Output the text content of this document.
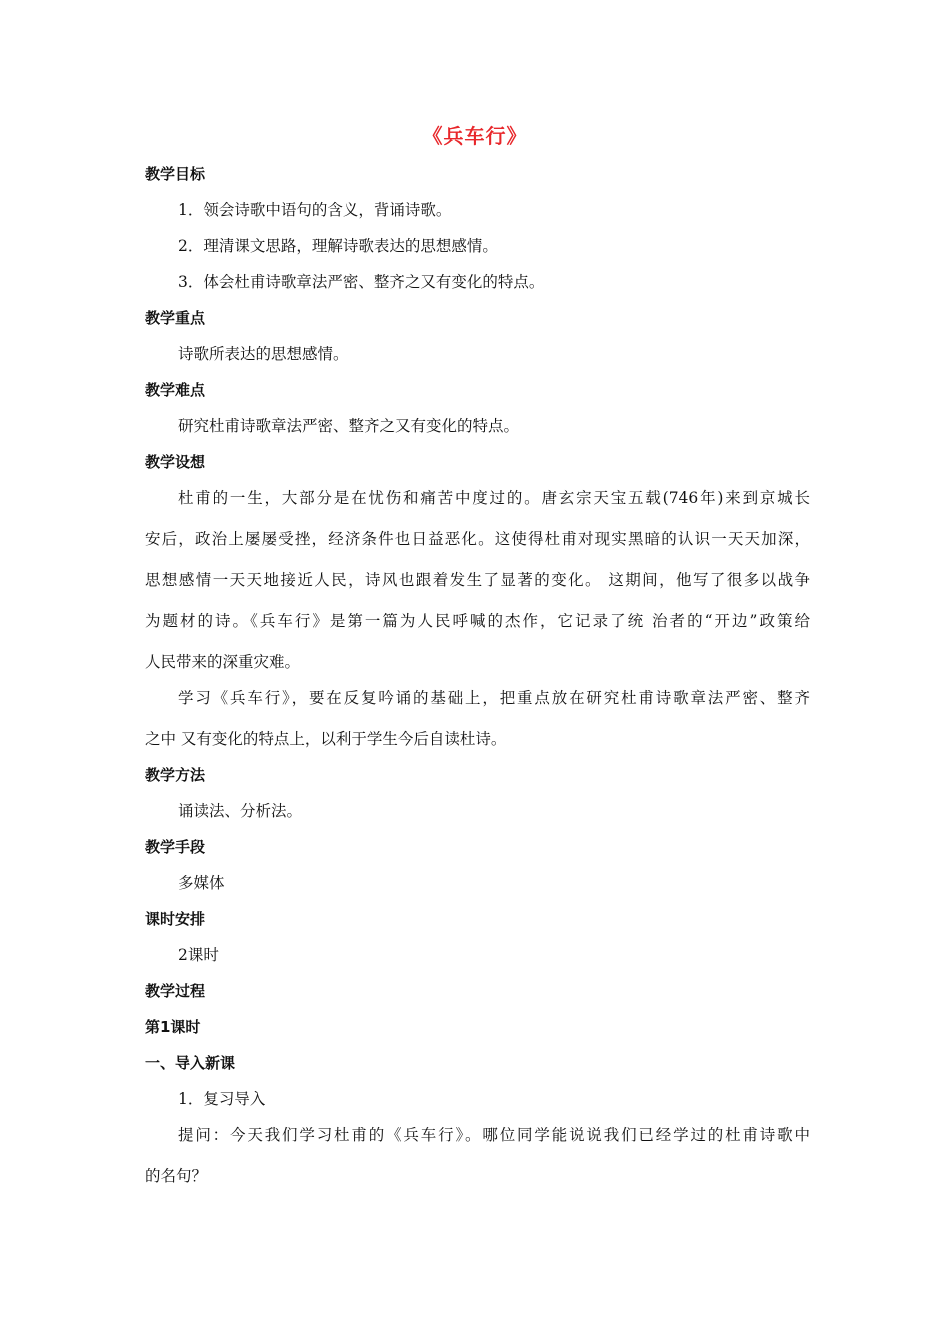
《兵车行》
教学目标
1．领会诗歌中语句的含义，背诵诗歌。
2．理清课文思路，理解诗歌表达的思想感情。
3．体会杜甫诗歌章法严密、整齐之又有变化的特点。
教学重点
诗歌所表达的思想感情。
教学难点
研究杜甫诗歌章法严密、整齐之又有变化的特点。
教学设想
杜甫的一生，大部分是在忧伤和痛苦中度过的。唐玄宗天宝五载(746年)来到京城长
安后，政治上屡屡受挫，经济条件也日益恶化。这使得杜甫对现实黑暗的认识一天天加深，
思想感情一天天地接近人民，诗风也跟着发生了显著的变化。 这期间，他写了很多以战争
为题材的诗。《兵车行》是第一篇为人民呼喊的杰作，它记录了统 治者的“开边”政策给
人民带来的深重灾难。
学习《兵车行》，要在反复吟诵的基础上，把重点放在研究杜甫诗歌章法严密、整齐
之中 又有变化的特点上，以利于学生今后自读杜诗。
教学方法
诵读法、分析法。
教学手段
多媒体
课时安排
2课时
教学过程
第1课时
一、导入新课
1．复习导入
提问：今天我们学习杜甫的《兵车行》。哪位同学能说说我们已经学过的杜甫诗歌中
的名句？
